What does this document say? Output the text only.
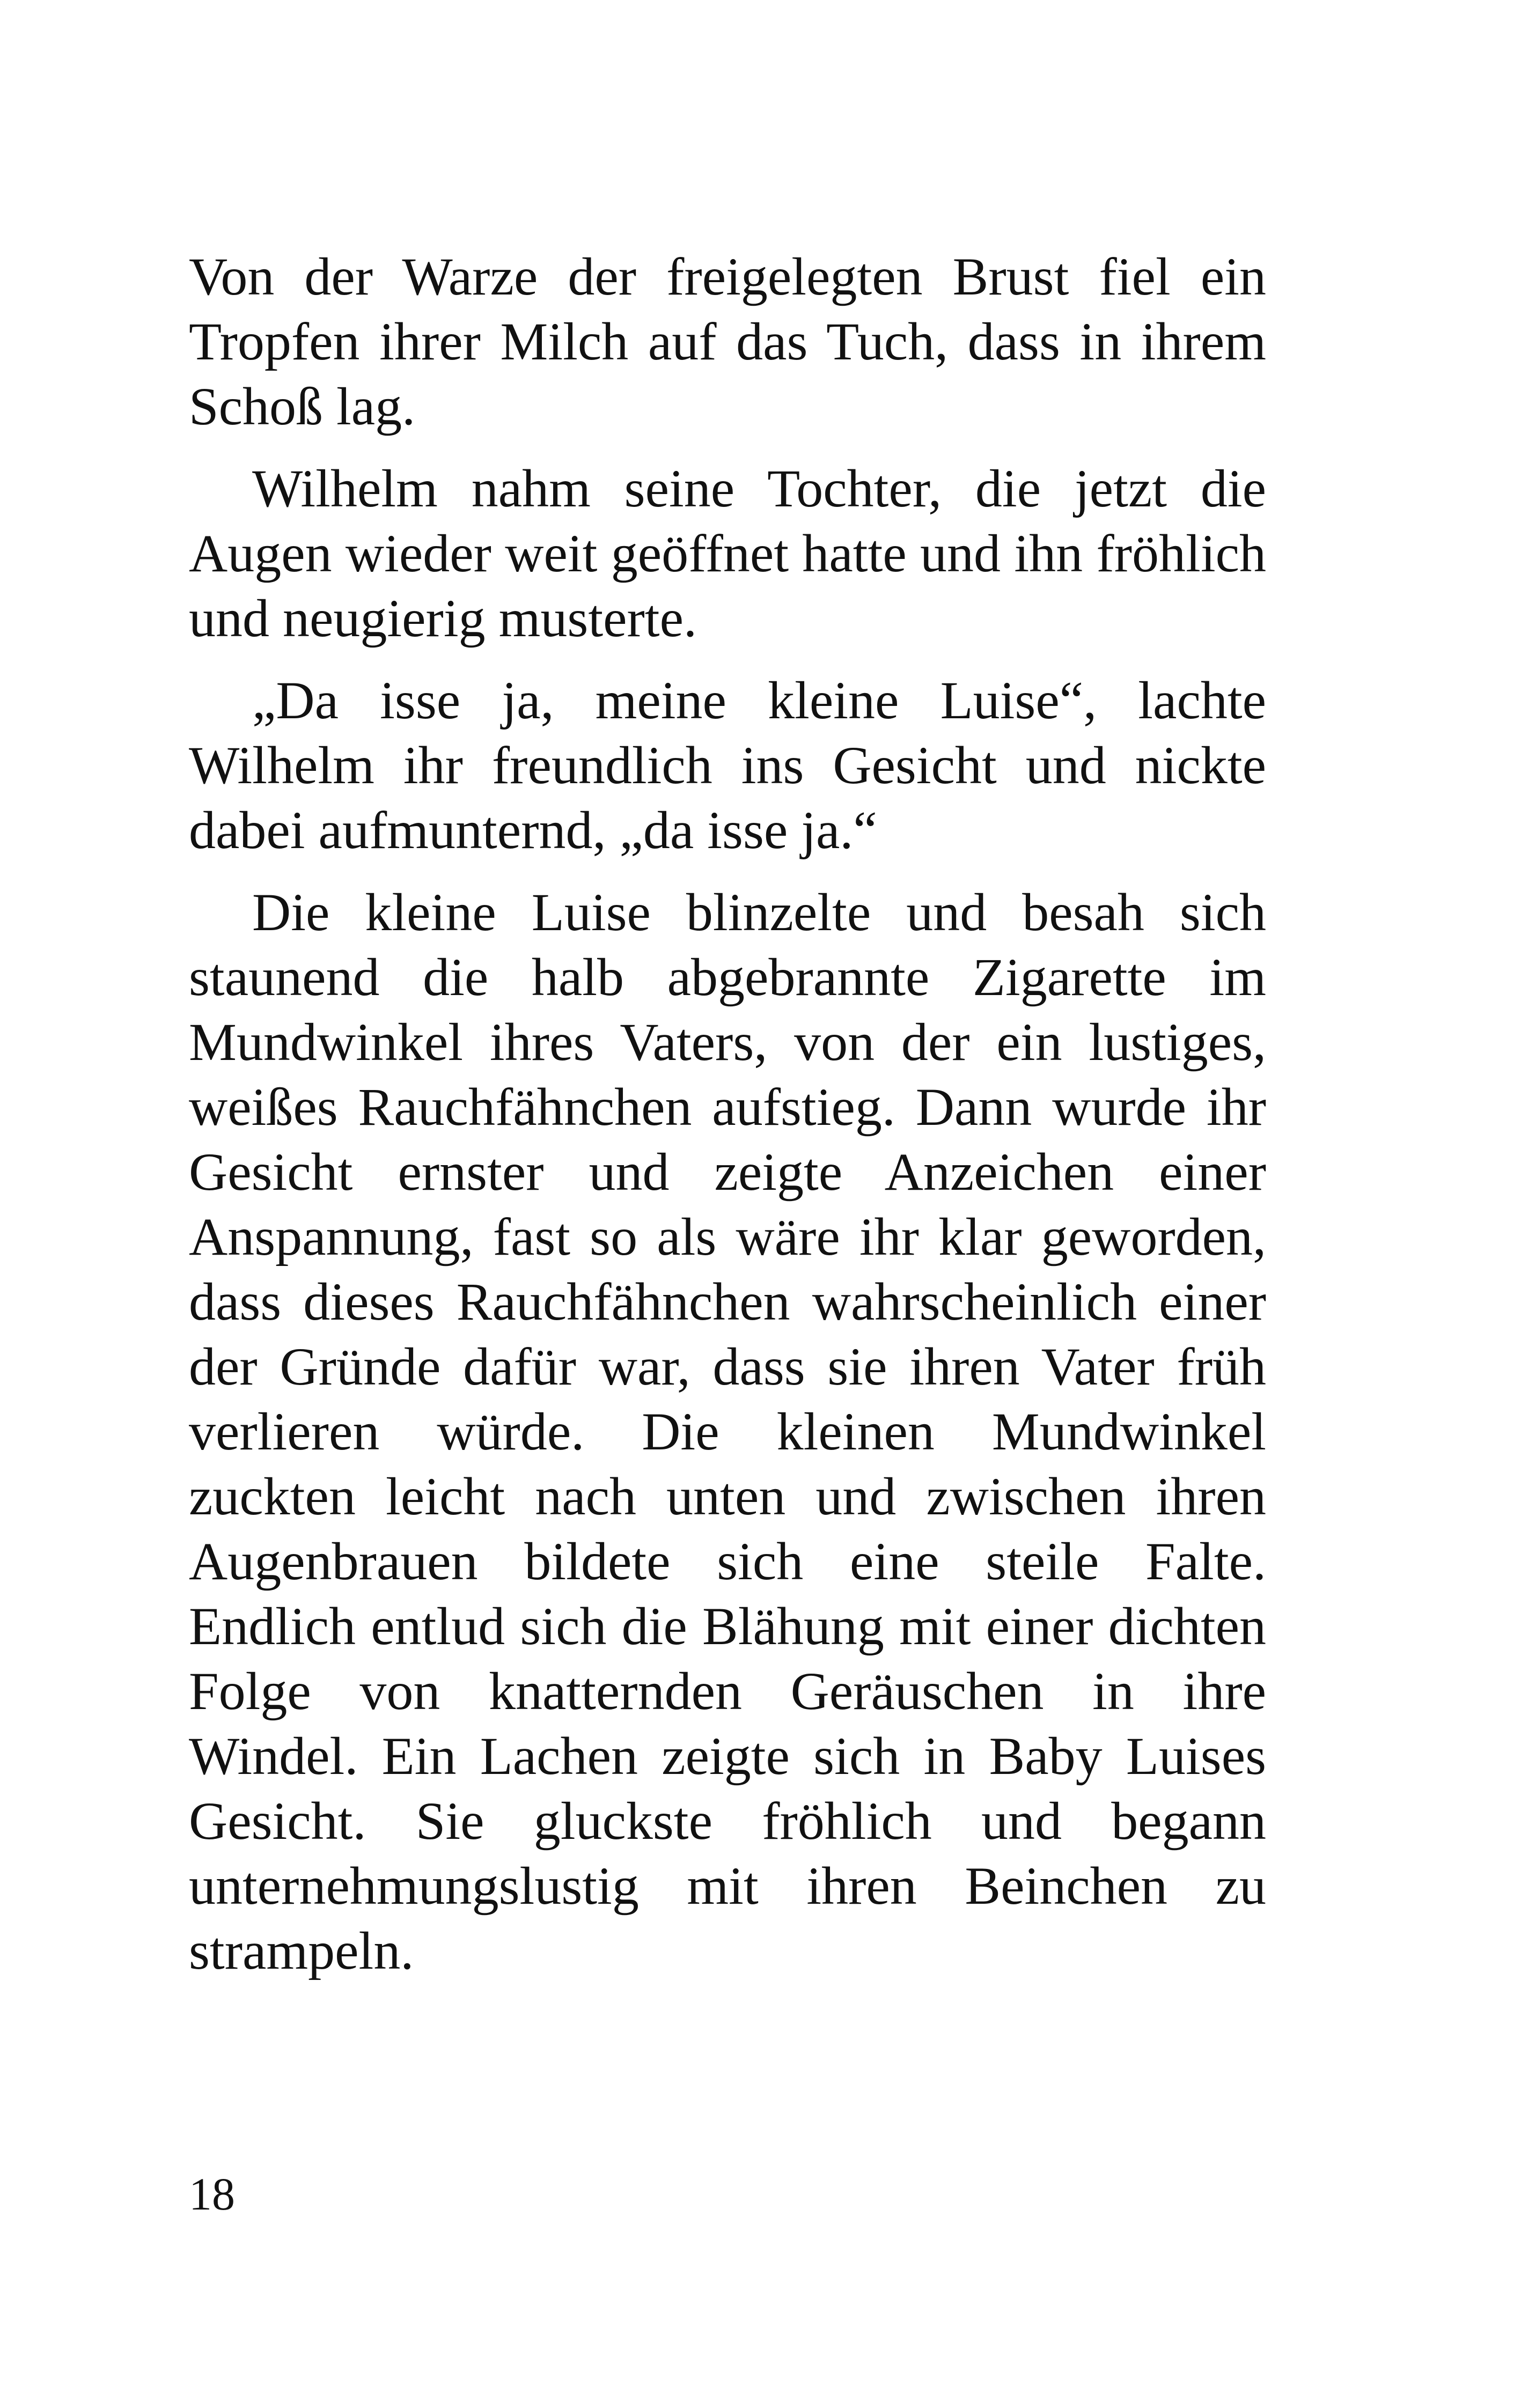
Von der Warze der freigelegten Brust fiel ein Tropfen ihrer Milch auf das Tuch, dass in ihrem Schoß lag.

Wilhelm nahm seine Tochter, die jetzt die Augen wieder weit geöffnet hatte und ihn fröhlich und neugierig musterte.

„Da isse ja, meine kleine Luise“, lachte Wilhelm ihr freundlich ins Gesicht und nickte dabei aufmunternd, „da isse ja.“

Die kleine Luise blinzelte und besah sich staunend die halb abgebrannte Zigarette im Mundwinkel ihres Vaters, von der ein lustiges, weißes Rauchfähnchen aufstieg. Dann wurde ihr Gesicht ernster und zeigte Anzeichen einer Anspannung, fast so als wäre ihr klar geworden, dass dieses Rauchfähnchen wahrscheinlich einer der Gründe dafür war, dass sie ihren Vater früh verlieren würde. Die kleinen Mundwinkel zuckten leicht nach unten und zwischen ihren Augenbrauen bildete sich eine steile Falte. Endlich entlud sich die Blähung mit einer dichten Folge von knatternden Geräuschen in ihre Windel. Ein Lachen zeigte sich in Baby Luises Gesicht. Sie gluckste fröhlich und begann unternehmungslustig mit ihren Beinchen zu strampeln.

18
